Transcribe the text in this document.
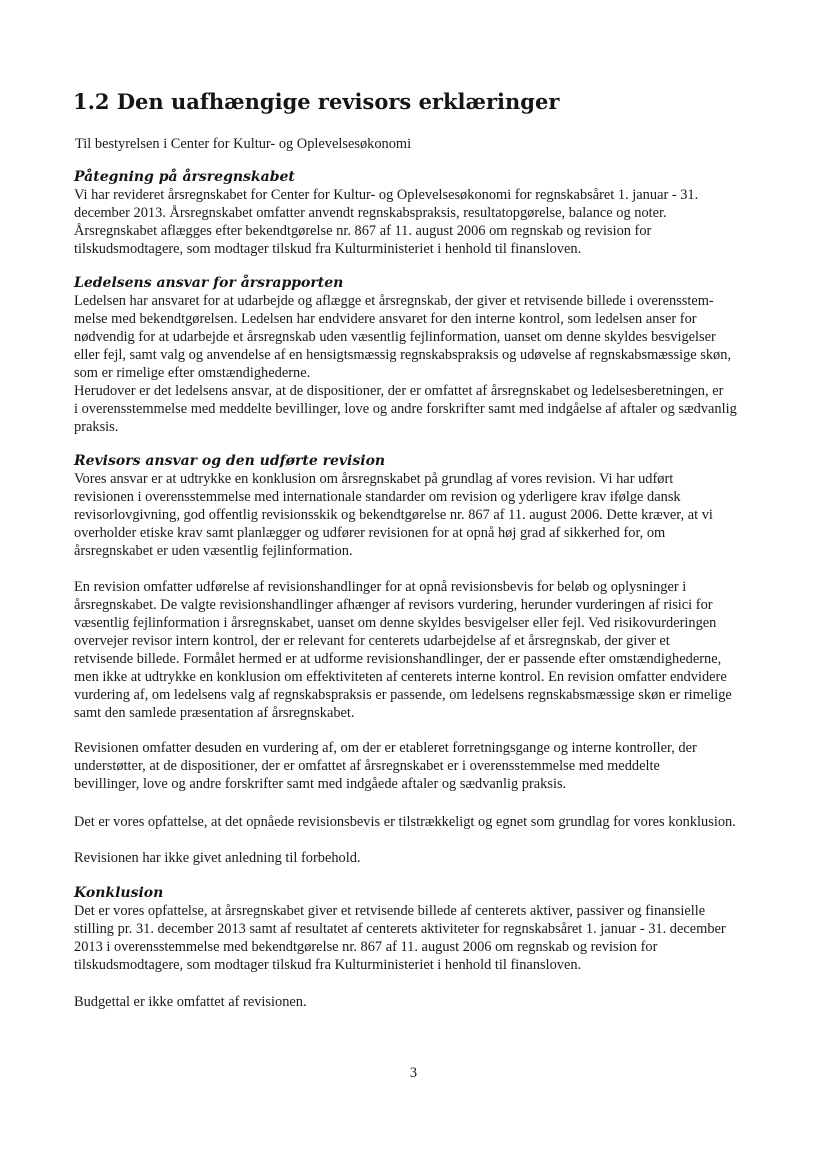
1.2 Den uafhængige revisors erklæringer

Til bestyrelsen i Center for Kultur- og Oplevelsesøkonomi

Påtegning på årsregnskabet
Vi har revideret årsregnskabet for Center for Kultur- og Oplevelsesøkonomi for regnskabsåret 1. januar - 31.
december 2013. Årsregnskabet omfatter anvendt regnskabspraksis, resultatopgørelse, balance og noter.
Årsregnskabet aflægges efter bekendtgørelse nr. 867 af 11. august 2006 om regnskab og revision for
tilskudsmodtagere, som modtager tilskud fra Kulturministeriet i henhold til finansloven.
Ledelsens ansvar for årsrapporten
Ledelsen har ansvaret for at udarbejde og aflægge et årsregnskab, der giver et retvisende billede i overensstem-
melse med bekendtgørelsen. Ledelsen har endvidere ansvaret for den interne kontrol, som ledelsen anser for
nødvendig for at udarbejde et årsregnskab uden væsentlig fejlinformation, uanset om denne skyldes besvigelser
eller fejl, samt valg og anvendelse af en hensigtsmæssig regnskabspraksis og udøvelse af regnskabsmæssige skøn,
som er rimelige efter omstændighederne.
Herudover er det ledelsens ansvar, at de dispositioner, der er omfattet af årsregnskabet og ledelsesberetningen, er
i overensstemmelse med meddelte bevillinger, love og andre forskrifter samt med indgåelse af aftaler og sædvanlig
praksis.
Revisors ansvar og den udførte revision
Vores ansvar er at udtrykke en konklusion om årsregnskabet på grundlag af vores revision. Vi har udført
revisionen i overensstemmelse med internationale standarder om revision og yderligere krav ifølge dansk
revisorlovgivning, god offentlig revisionsskik og bekendtgørelse nr. 867 af 11. august 2006. Dette kræver, at vi
overholder etiske krav samt planlægger og udfører revisionen for at opnå høj grad af sikkerhed for, om
årsregnskabet er uden væsentlig fejlinformation.
En revision omfatter udførelse af revisionshandlinger for at opnå revisionsbevis for beløb og oplysninger i
årsregnskabet. De valgte revisionshandlinger afhænger af revisors vurdering, herunder vurderingen af risici for
væsentlig fejlinformation i årsregnskabet, uanset om denne skyldes besvigelser eller fejl. Ved risikovurderingen
overvejer revisor intern kontrol, der er relevant for centerets udarbejdelse af et årsregnskab, der giver et
retvisende billede. Formålet hermed er at udforme revisionshandlinger, der er passende efter omstændighederne,
men ikke at udtrykke en konklusion om effektiviteten af centerets interne kontrol. En revision omfatter endvidere
vurdering af, om ledelsens valg af regnskabspraksis er passende, om ledelsens regnskabsmæssige skøn er rimelige
samt den samlede præsentation af årsregnskabet.
Revisionen omfatter desuden en vurdering af, om der er etableret forretningsgange og interne kontroller, der
understøtter, at de dispositioner, der er omfattet af årsregnskabet er i overensstemmelse med meddelte
bevillinger, love og andre forskrifter samt med indgåede aftaler og sædvanlig praksis.
Det er vores opfattelse, at det opnåede revisionsbevis er tilstrækkeligt og egnet som grundlag for vores konklusion.
Revisionen har ikke givet anledning til forbehold.
Konklusion
Det er vores opfattelse, at årsregnskabet giver et retvisende billede af centerets aktiver, passiver og finansielle
stilling pr. 31. december 2013 samt af resultatet af centerets aktiviteter for regnskabsåret 1. januar - 31. december
2013 i overensstemmelse med bekendtgørelse nr. 867 af 11. august 2006 om regnskab og revision for
tilskudsmodtagere, som modtager tilskud fra Kulturministeriet i henhold til finansloven.
Budgettal er ikke omfattet af revisionen.
3
